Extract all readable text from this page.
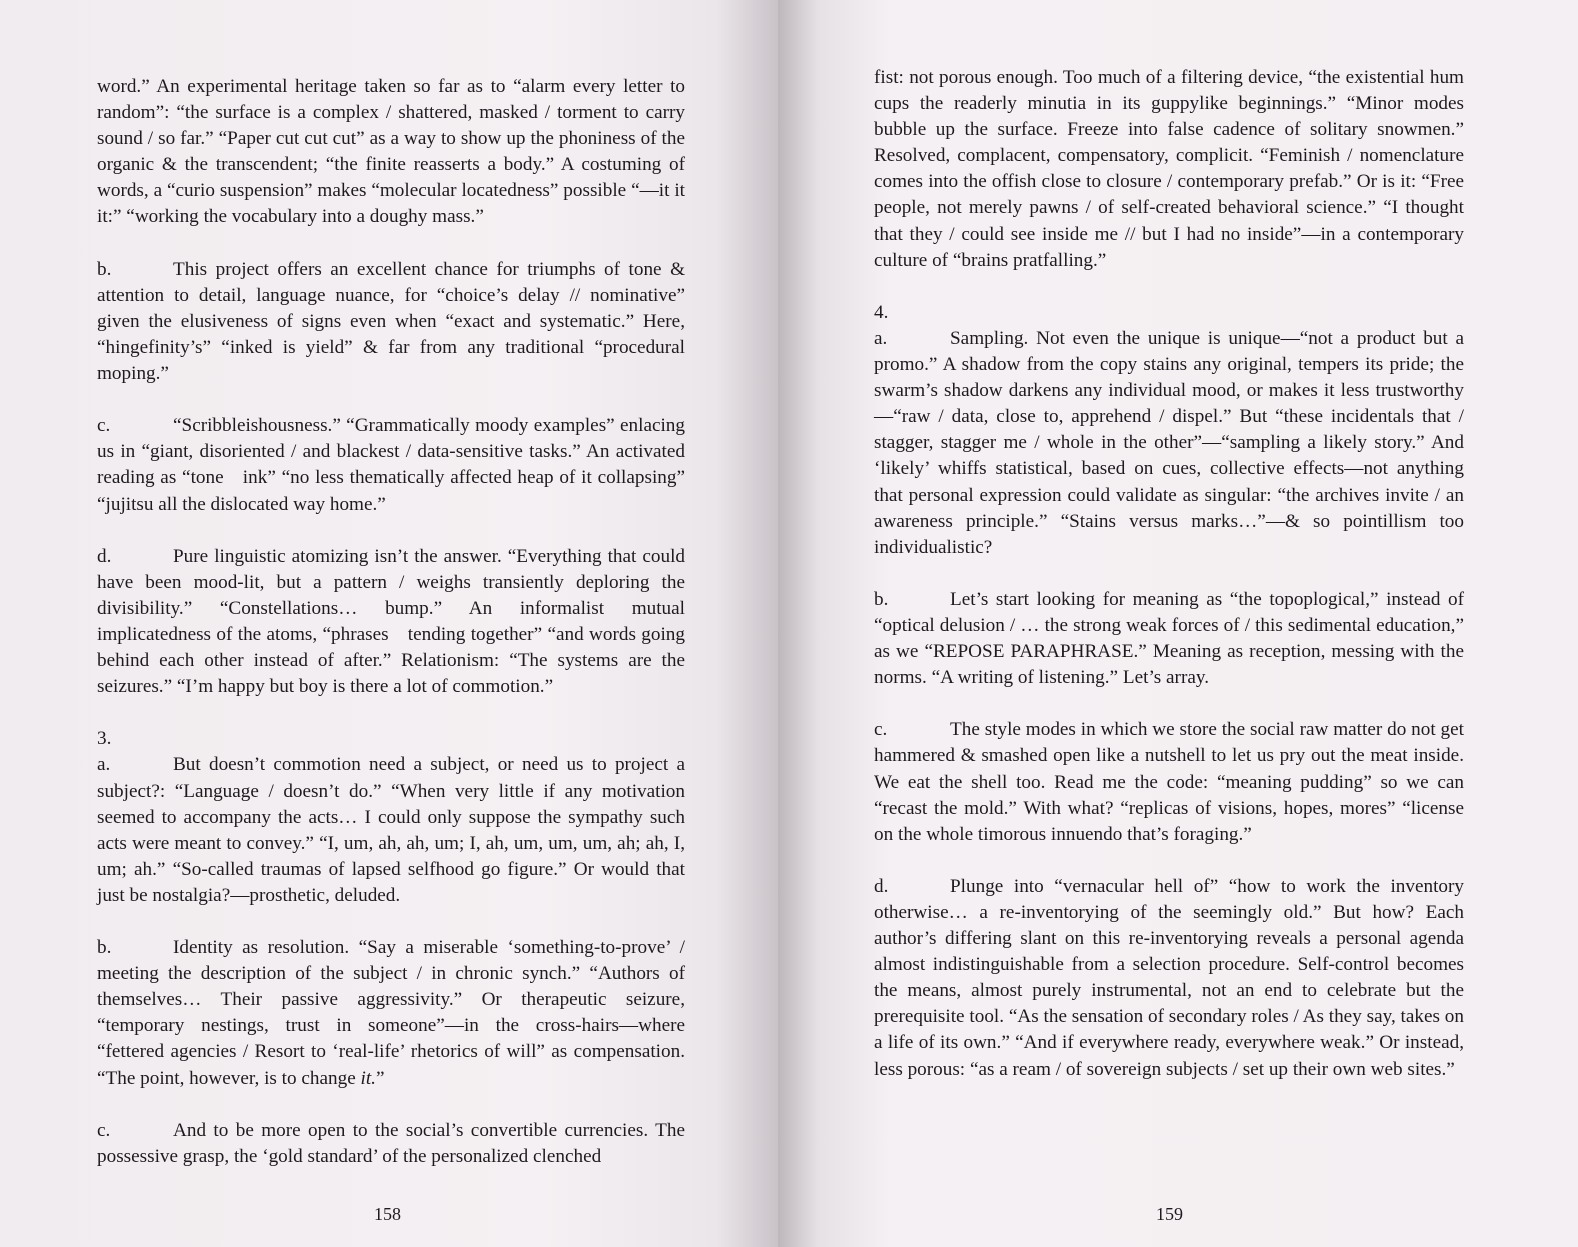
word.” An experimental heritage taken so far as to “alarm every letter to random”: “the surface is a complex / shattered, masked / torment to carry sound / so far.” “Paper cut cut cut” as a way to show up the phoniness of the organic & the transcendent; “the finite reasserts a body.” A costuming of words, a “curio suspension” makes “molecular locatedness” possible “—it it it:” “working the vocabulary into a doughy mass.”

b.	This project offers an excellent chance for triumphs of tone & attention to detail, language nuance, for “choice’s delay // nominative” given the elusiveness of signs even when “exact and systematic.” Here, “hingefinity’s” “inked is yield” & far from any traditional “procedural moping.”

c.	“Scribbleishousness.” “Grammatically moody examples” enlacing us in “giant, disoriented / and blackest / data-sensitive tasks.” An activated reading as “tone ink” “no less thematically affected heap of it collapsing” “jujitsu all the dislocated way home.”

d.	Pure linguistic atomizing isn’t the answer. “Everything that could have been mood-lit, but a pattern / weighs transiently deploring the divisibility.” “Constellations… bump.” An informalist mutual implicatedness of the atoms, “phrases tending together” “and words going behind each other instead of after.” Relationism: “The systems are the seizures.” “I’m happy but boy is there a lot of commotion.”

3.

a.	But doesn’t commotion need a subject, or need us to project a subject?: “Language / doesn’t do.” “When very little if any motivation seemed to accompany the acts… I could only suppose the sympathy such acts were meant to convey.” “I, um, ah, ah, um; I, ah, um, um, um, ah; ah, I, um; ah.” “So-called traumas of lapsed selfhood go figure.” Or would that just be nostalgia?—prosthetic, deluded.

b.	Identity as resolution. “Say a miserable ‘something-to-prove’ / meeting the description of the subject / in chronic synch.” “Authors of themselves… Their passive aggressivity.” Or therapeutic seizure, “temporary nestings, trust in someone”—in the cross-hairs—where “fettered agencies / Resort to ‘real-life’ rhetorics of will” as compensation. “The point, however, is to change it.”

c.	And to be more open to the social’s convertible currencies. The possessive grasp, the ‘gold standard’ of the personalized clenched

158

fist: not porous enough. Too much of a filtering device, “the existential hum cups the readerly minutia in its guppylike beginnings.” “Minor modes bubble up the surface. Freeze into false cadence of solitary snowmen.” Resolved, complacent, compensatory, complicit. “Feminish / nomenclature comes into the offish close to closure / contemporary prefab.” Or is it: “Free people, not merely pawns / of self-created behavioral science.” “I thought that they / could see inside me // but I had no inside”—in a contemporary culture of “brains pratfalling.”

4.

a.	Sampling. Not even the unique is unique—“not a product but a promo.” A shadow from the copy stains any original, tempers its pride; the swarm’s shadow darkens any individual mood, or makes it less trustworthy—“raw / data, close to, apprehend / dispel.” But “these incidentals that / stagger, stagger me / whole in the other”—“sampling a likely story.” And ‘likely’ whiffs statistical, based on cues, collective effects—not anything that personal expression could validate as singular: “the archives invite / an awareness principle.” “Stains versus marks…”—& so pointillism too individualistic?

b.	Let’s start looking for meaning as “the topoplogical,” instead of “optical delusion / … the strong weak forces of / this sedimental education,” as we “REPOSE PARAPHRASE.” Meaning as reception, messing with the norms. “A writing of listening.” Let’s array.

c.	The style modes in which we store the social raw matter do not get hammered & smashed open like a nutshell to let us pry out the meat inside. We eat the shell too. Read me the code: “meaning pudding” so we can “recast the mold.” With what? “replicas of visions, hopes, mores” “license on the whole timorous innuendo that’s foraging.”

d.	Plunge into “vernacular hell of” “how to work the inventory otherwise… a re-inventorying of the seemingly old.” But how? Each author’s differing slant on this re-inventorying reveals a personal agenda almost indistinguishable from a selection procedure. Self-control becomes the means, almost purely instrumental, not an end to celebrate but the prerequisite tool. “As the sensation of secondary roles / As they say, takes on a life of its own.” “And if everywhere ready, everywhere weak.” Or instead, less porous: “as a ream / of sovereign subjects / set up their own web sites.”

159
